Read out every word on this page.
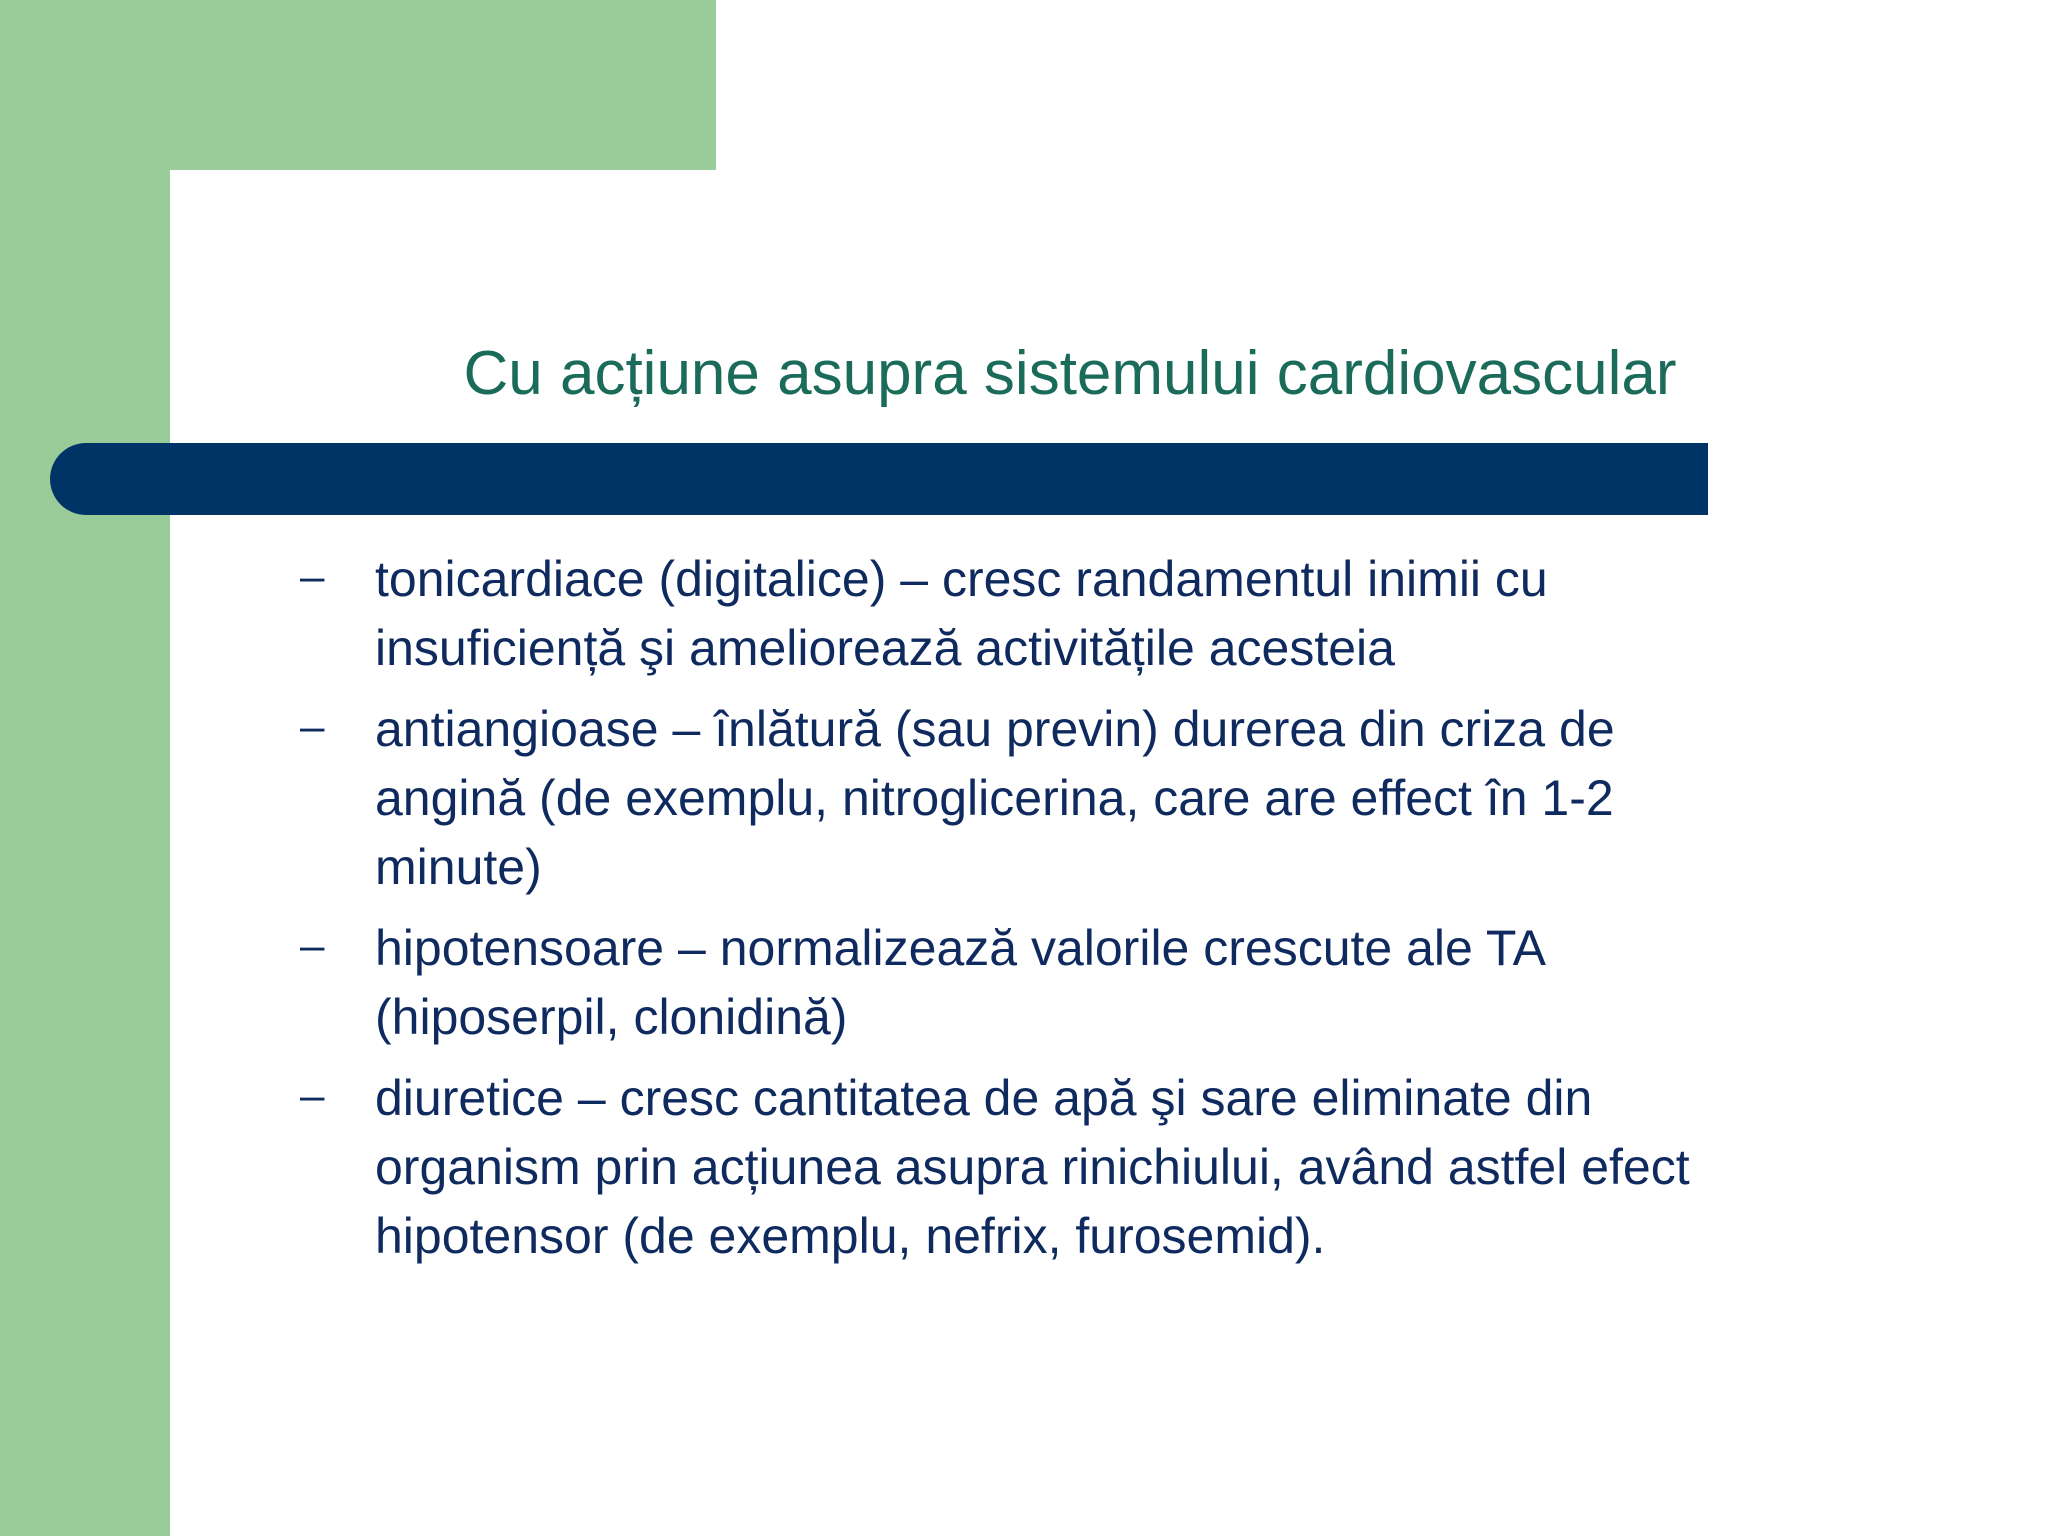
Cu acțiune asupra sistemului cardiovascular
–	tonicardiace (digitalice) – cresc randamentul inimii cu
insuficiență şi ameliorează activitățile acesteia
–	antiangioase – înlătură (sau previn) durerea din criza de
angină (de exemplu, nitroglicerina, care are effect în 1-2
minute)
–	hipotensoare – normalizează valorile crescute ale TA
(hiposerpil, clonidină)
–	diuretice – cresc cantitatea de apă şi sare eliminate din
organism prin acțiunea asupra rinichiului, având astfel efect
hipotensor (de exemplu, nefrix, furosemid).
